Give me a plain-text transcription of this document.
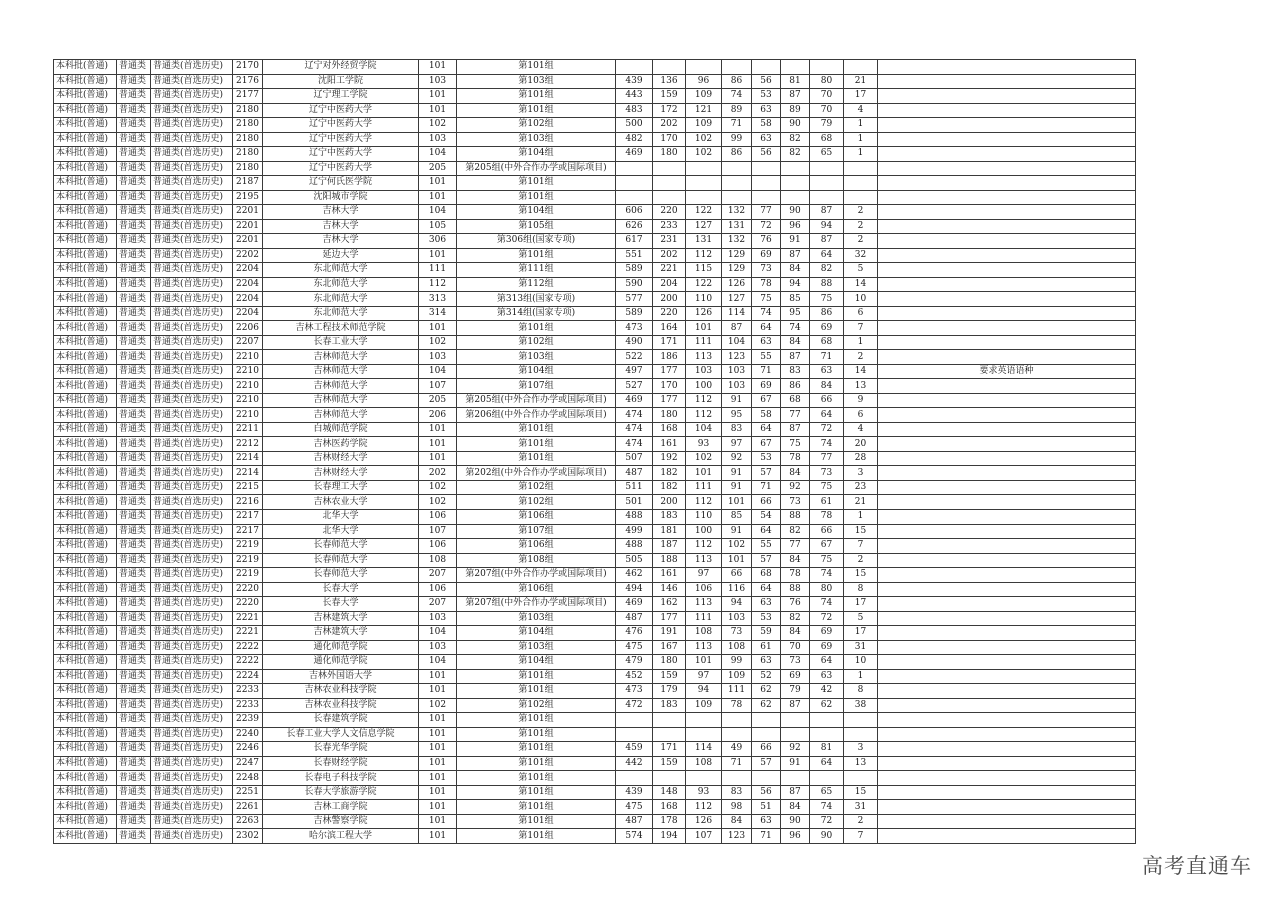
本科批(普通)	普通类	普通类(首选历史)	2170	辽宁对外经贸学院	101	第101组									
本科批(普通)	普通类	普通类(首选历史)	2176	沈阳工学院	103	第103组	439	136	96	86	56	81	80	21	
本科批(普通)	普通类	普通类(首选历史)	2177	辽宁理工学院	101	第101组	443	159	109	74	53	87	70	17	
本科批(普通)	普通类	普通类(首选历史)	2180	辽宁中医药大学	101	第101组	483	172	121	89	63	89	70	4	
本科批(普通)	普通类	普通类(首选历史)	2180	辽宁中医药大学	102	第102组	500	202	109	71	58	90	79	1	
本科批(普通)	普通类	普通类(首选历史)	2180	辽宁中医药大学	103	第103组	482	170	102	99	63	82	68	1	
本科批(普通)	普通类	普通类(首选历史)	2180	辽宁中医药大学	104	第104组	469	180	102	86	56	82	65	1	
本科批(普通)	普通类	普通类(首选历史)	2180	辽宁中医药大学	205	第205组(中外合作办学或国际项目)									
本科批(普通)	普通类	普通类(首选历史)	2187	辽宁何氏医学院	101	第101组									
本科批(普通)	普通类	普通类(首选历史)	2195	沈阳城市学院	101	第101组									
本科批(普通)	普通类	普通类(首选历史)	2201	吉林大学	104	第104组	606	220	122	132	77	90	87	2	
本科批(普通)	普通类	普通类(首选历史)	2201	吉林大学	105	第105组	626	233	127	131	72	96	94	2	
本科批(普通)	普通类	普通类(首选历史)	2201	吉林大学	306	第306组(国家专项)	617	231	131	132	76	91	87	2	
本科批(普通)	普通类	普通类(首选历史)	2202	延边大学	101	第101组	551	202	112	129	69	87	64	32	
本科批(普通)	普通类	普通类(首选历史)	2204	东北师范大学	111	第111组	589	221	115	129	73	84	82	5	
本科批(普通)	普通类	普通类(首选历史)	2204	东北师范大学	112	第112组	590	204	122	126	78	94	88	14	
本科批(普通)	普通类	普通类(首选历史)	2204	东北师范大学	313	第313组(国家专项)	577	200	110	127	75	85	75	10	
本科批(普通)	普通类	普通类(首选历史)	2204	东北师范大学	314	第314组(国家专项)	589	220	126	114	74	95	86	6	
本科批(普通)	普通类	普通类(首选历史)	2206	吉林工程技术师范学院	101	第101组	473	164	101	87	64	74	69	7	
本科批(普通)	普通类	普通类(首选历史)	2207	长春工业大学	102	第102组	490	171	111	104	63	84	68	1	
本科批(普通)	普通类	普通类(首选历史)	2210	吉林师范大学	103	第103组	522	186	113	123	55	87	71	2	
本科批(普通)	普通类	普通类(首选历史)	2210	吉林师范大学	104	第104组	497	177	103	103	71	83	63	14	要求英语语种
本科批(普通)	普通类	普通类(首选历史)	2210	吉林师范大学	107	第107组	527	170	100	103	69	86	84	13	
本科批(普通)	普通类	普通类(首选历史)	2210	吉林师范大学	205	第205组(中外合作办学或国际项目)	469	177	112	91	67	68	66	9	
本科批(普通)	普通类	普通类(首选历史)	2210	吉林师范大学	206	第206组(中外合作办学或国际项目)	474	180	112	95	58	77	64	6	
本科批(普通)	普通类	普通类(首选历史)	2211	白城师范学院	101	第101组	474	168	104	83	64	87	72	4	
本科批(普通)	普通类	普通类(首选历史)	2212	吉林医药学院	101	第101组	474	161	93	97	67	75	74	20	
本科批(普通)	普通类	普通类(首选历史)	2214	吉林财经大学	101	第101组	507	192	102	92	53	78	77	28	
本科批(普通)	普通类	普通类(首选历史)	2214	吉林财经大学	202	第202组(中外合作办学或国际项目)	487	182	101	91	57	84	73	3	
本科批(普通)	普通类	普通类(首选历史)	2215	长春理工大学	102	第102组	511	182	111	91	71	92	75	23	
本科批(普通)	普通类	普通类(首选历史)	2216	吉林农业大学	102	第102组	501	200	112	101	66	73	61	21	
本科批(普通)	普通类	普通类(首选历史)	2217	北华大学	106	第106组	488	183	110	85	54	88	78	1	
本科批(普通)	普通类	普通类(首选历史)	2217	北华大学	107	第107组	499	181	100	91	64	82	66	15	
本科批(普通)	普通类	普通类(首选历史)	2219	长春师范大学	106	第106组	488	187	112	102	55	77	67	7	
本科批(普通)	普通类	普通类(首选历史)	2219	长春师范大学	108	第108组	505	188	113	101	57	84	75	2	
本科批(普通)	普通类	普通类(首选历史)	2219	长春师范大学	207	第207组(中外合作办学或国际项目)	462	161	97	66	68	78	74	15	
本科批(普通)	普通类	普通类(首选历史)	2220	长春大学	106	第106组	494	146	106	116	64	88	80	8	
本科批(普通)	普通类	普通类(首选历史)	2220	长春大学	207	第207组(中外合作办学或国际项目)	469	162	113	94	63	76	74	17	
本科批(普通)	普通类	普通类(首选历史)	2221	吉林建筑大学	103	第103组	487	177	111	103	53	82	72	5	
本科批(普通)	普通类	普通类(首选历史)	2221	吉林建筑大学	104	第104组	476	191	108	73	59	84	69	17	
本科批(普通)	普通类	普通类(首选历史)	2222	通化师范学院	103	第103组	475	167	113	108	61	70	69	31	
本科批(普通)	普通类	普通类(首选历史)	2222	通化师范学院	104	第104组	479	180	101	99	63	73	64	10	
本科批(普通)	普通类	普通类(首选历史)	2224	吉林外国语大学	101	第101组	452	159	97	109	52	69	63	1	
本科批(普通)	普通类	普通类(首选历史)	2233	吉林农业科技学院	101	第101组	473	179	94	111	62	79	42	8	
本科批(普通)	普通类	普通类(首选历史)	2233	吉林农业科技学院	102	第102组	472	183	109	78	62	87	62	38	
本科批(普通)	普通类	普通类(首选历史)	2239	长春建筑学院	101	第101组									
本科批(普通)	普通类	普通类(首选历史)	2240	长春工业大学人文信息学院	101	第101组									
本科批(普通)	普通类	普通类(首选历史)	2246	长春光华学院	101	第101组	459	171	114	49	66	92	81	3	
本科批(普通)	普通类	普通类(首选历史)	2247	长春财经学院	101	第101组	442	159	108	71	57	91	64	13	
本科批(普通)	普通类	普通类(首选历史)	2248	长春电子科技学院	101	第101组									
本科批(普通)	普通类	普通类(首选历史)	2251	长春大学旅游学院	101	第101组	439	148	93	83	56	87	65	15	
本科批(普通)	普通类	普通类(首选历史)	2261	吉林工商学院	101	第101组	475	168	112	98	51	84	74	31	
本科批(普通)	普通类	普通类(首选历史)	2263	吉林警察学院	101	第101组	487	178	126	84	63	90	72	2	
本科批(普通)	普通类	普通类(首选历史)	2302	哈尔滨工程大学	101	第101组	574	194	107	123	71	96	90	7	
高考直通车
